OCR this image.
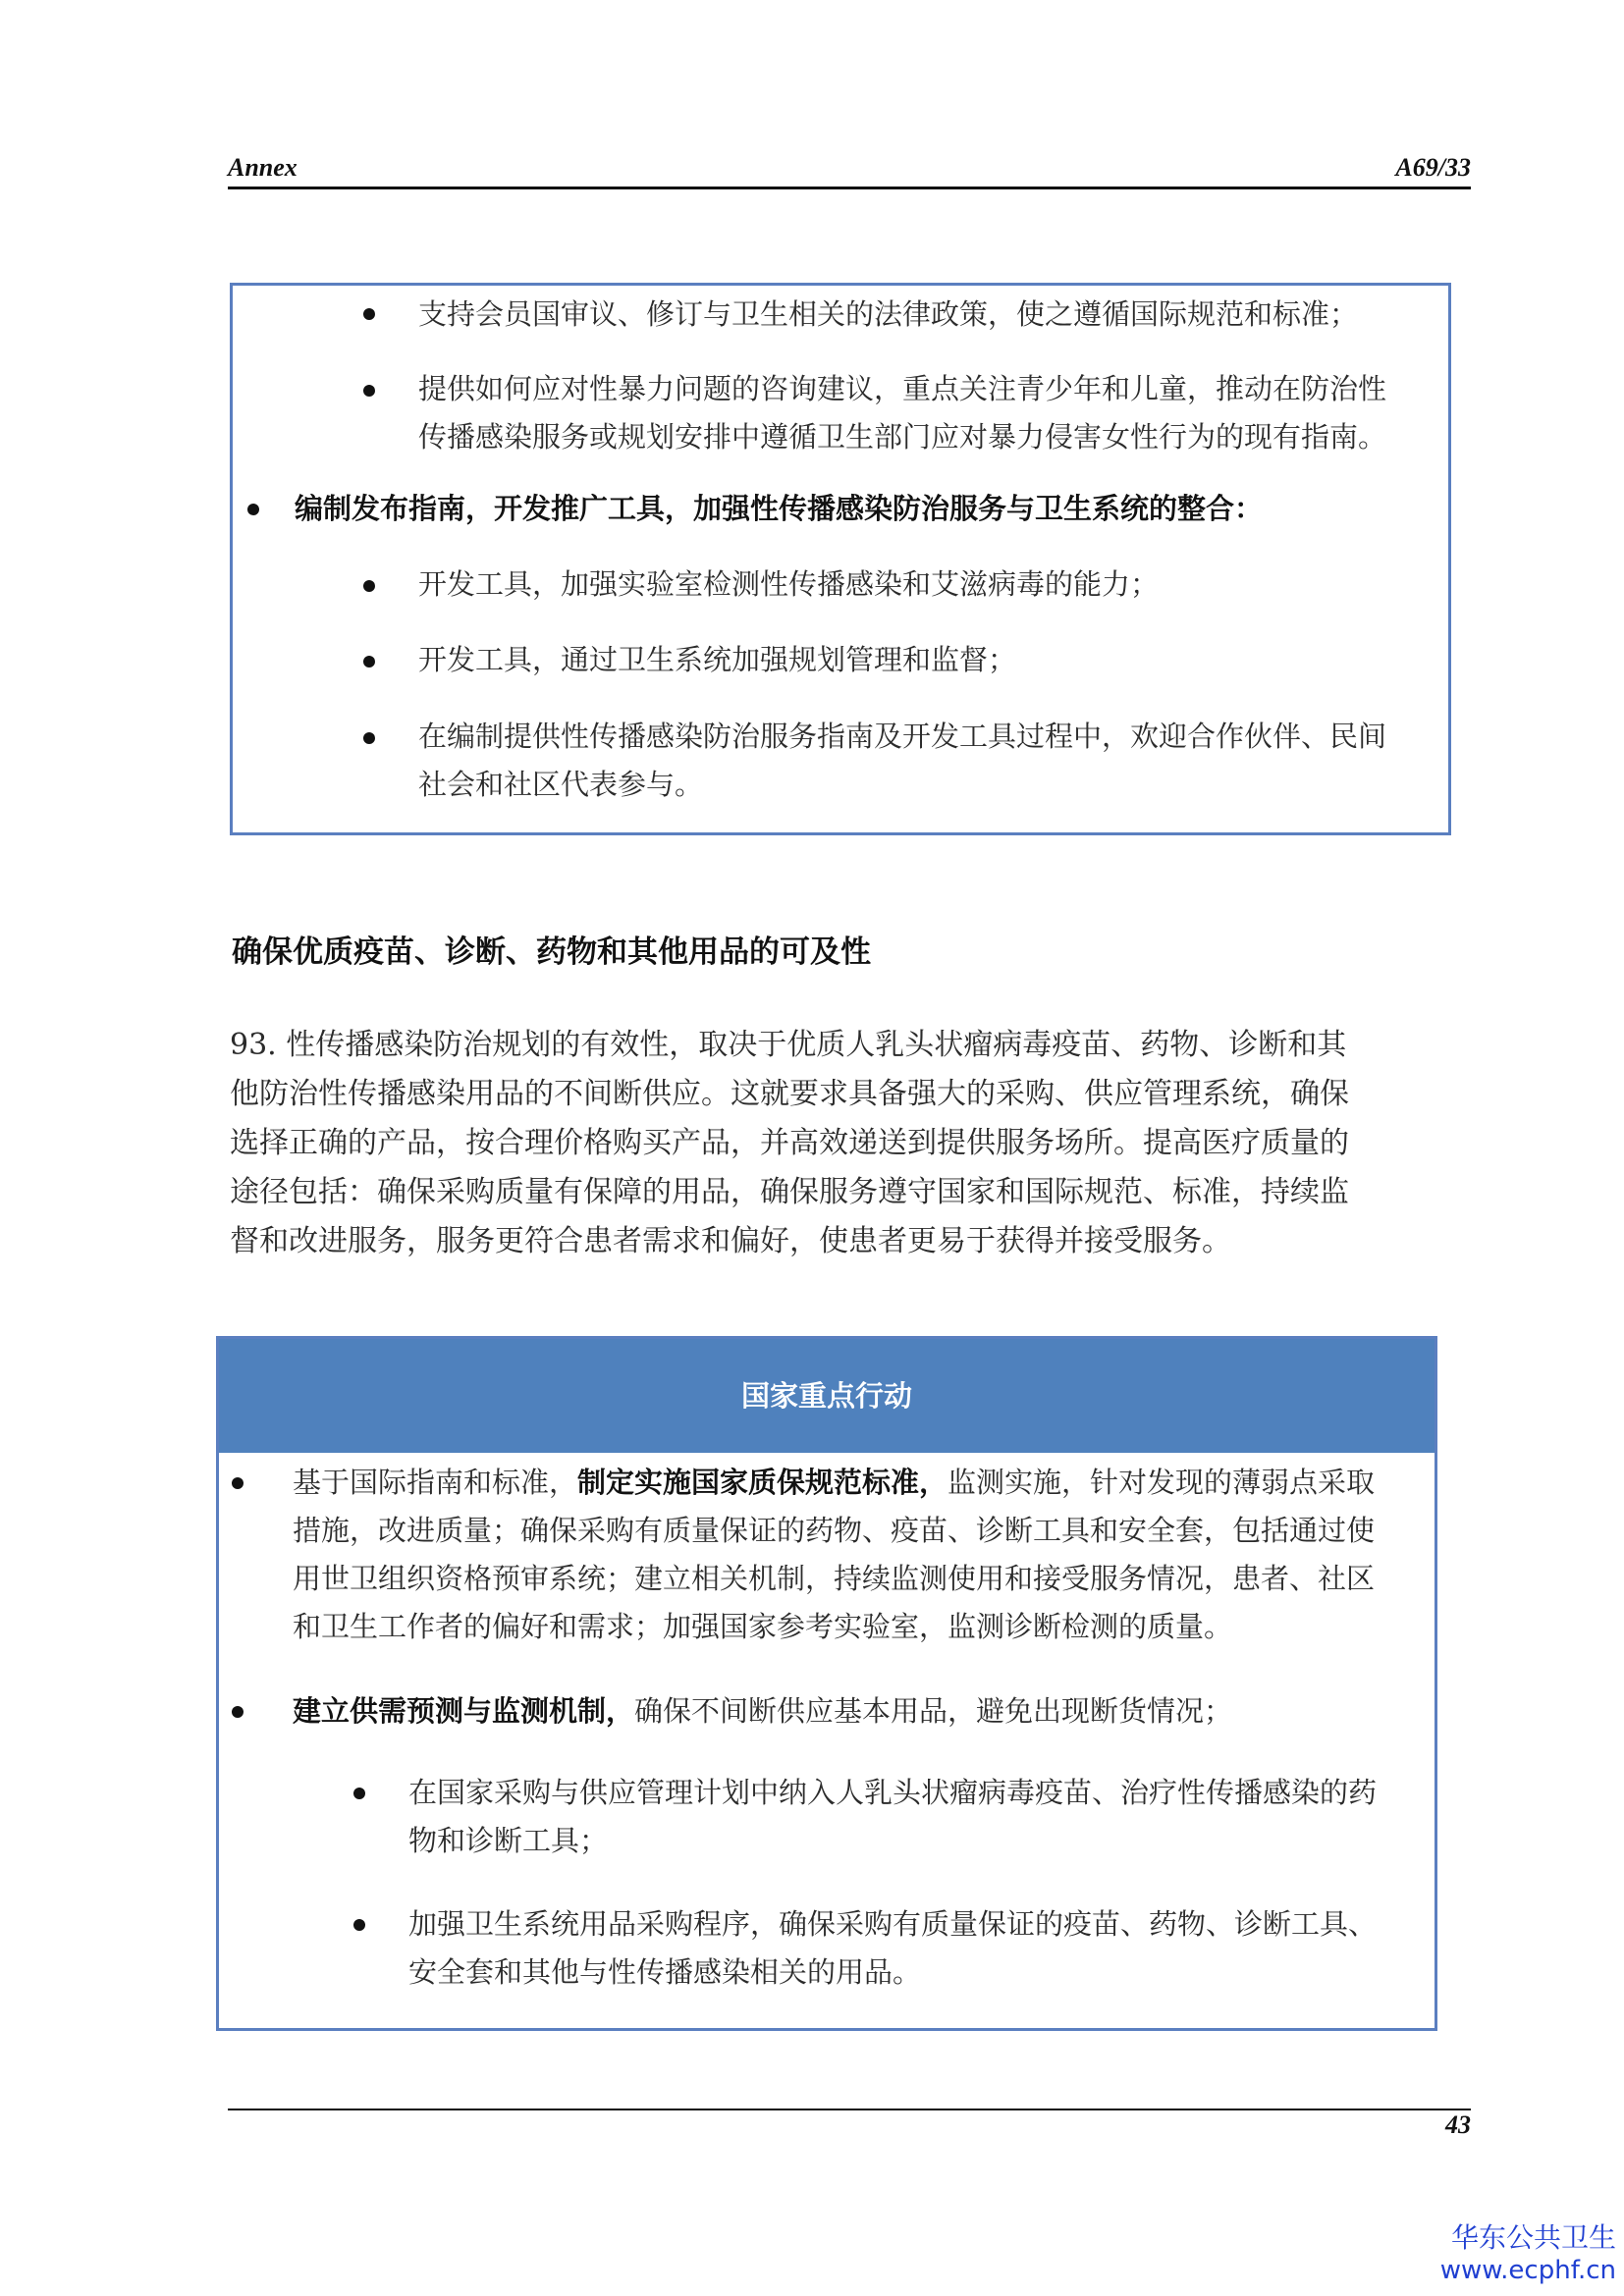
Annex	A69/33
支持会员国审议、修订与卫生相关的法律政策，使之遵循国际规范和标准；
提供如何应对性暴力问题的咨询建议，重点关注青少年和儿童，推动在防治性
传播感染服务或规划安排中遵循卫生部门应对暴力侵害女性行为的现有指南。
编制发布指南，开发推广工具，加强性传播感染防治服务与卫生系统的整合：
开发工具，加强实验室检测性传播感染和艾滋病毒的能力；
开发工具，通过卫生系统加强规划管理和监督；
在编制提供性传播感染防治服务指南及开发工具过程中，欢迎合作伙伴、民间
社会和社区代表参与。
确保优质疫苗、诊断、药物和其他用品的可及性
93. 性传播感染防治规划的有效性，取决于优质人乳头状瘤病毒疫苗、药物、诊断和其
他防治性传播感染用品的不间断供应。这就要求具备强大的采购、供应管理系统，确保
选择正确的产品，按合理价格购买产品，并高效递送到提供服务场所。提高医疗质量的
途径包括：确保采购质量有保障的用品，确保服务遵守国家和国际规范、标准，持续监
督和改进服务，服务更符合患者需求和偏好，使患者更易于获得并接受服务。
国家重点行动
基于国际指南和标准，制定实施国家质保规范标准，监测实施，针对发现的薄弱点采取
措施，改进质量；确保采购有质量保证的药物、疫苗、诊断工具和安全套，包括通过使
用世卫组织资格预审系统；建立相关机制，持续监测使用和接受服务情况，患者、社区
和卫生工作者的偏好和需求；加强国家参考实验室，监测诊断检测的质量。
建立供需预测与监测机制，确保不间断供应基本用品，避免出现断货情况；
在国家采购与供应管理计划中纳入人乳头状瘤病毒疫苗、治疗性传播感染的药
物和诊断工具；
加强卫生系统用品采购程序，确保采购有质量保证的疫苗、药物、诊断工具、
安全套和其他与性传播感染相关的用品。
43
华东公共卫生
www.ecphf.cn
